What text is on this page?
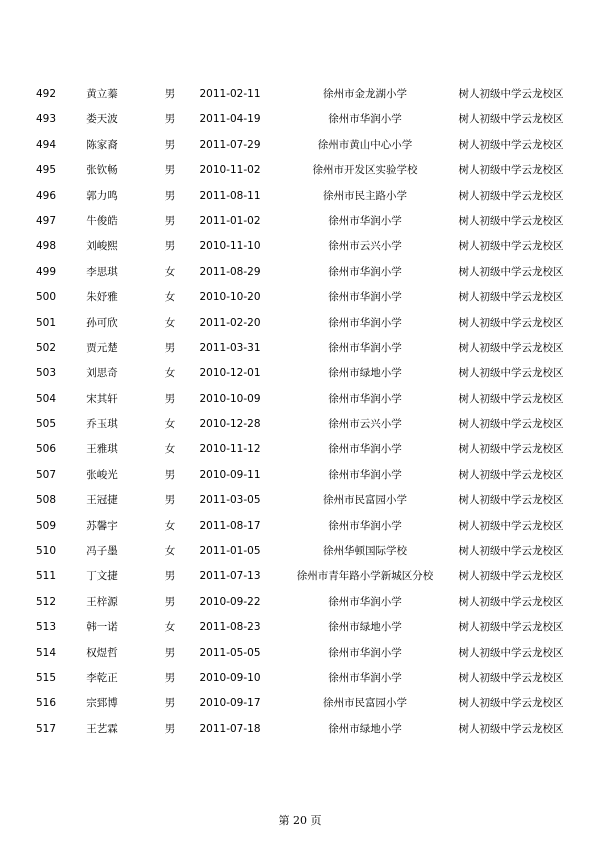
492	黄立蓁	男	2011-02-11	徐州市金龙湖小学	树人初级中学云龙校区
493	娄天波	男	2011-04-19	徐州市华润小学	树人初级中学云龙校区
494	陈家裔	男	2011-07-29	徐州市黄山中心小学	树人初级中学云龙校区
495	张钦畅	男	2010-11-02	徐州市开发区实验学校	树人初级中学云龙校区
496	郭力鸣	男	2011-08-11	徐州市民主路小学	树人初级中学云龙校区
497	牛俊皓	男	2011-01-02	徐州市华润小学	树人初级中学云龙校区
498	刘峻熙	男	2010-11-10	徐州市云兴小学	树人初级中学云龙校区
499	李思琪	女	2011-08-29	徐州市华润小学	树人初级中学云龙校区
500	朱妤雅	女	2010-10-20	徐州市华润小学	树人初级中学云龙校区
501	孙可欣	女	2011-02-20	徐州市华润小学	树人初级中学云龙校区
502	贾元楚	男	2011-03-31	徐州市华润小学	树人初级中学云龙校区
503	刘思奇	女	2010-12-01	徐州市绿地小学	树人初级中学云龙校区
504	宋其轩	男	2010-10-09	徐州市华润小学	树人初级中学云龙校区
505	乔玉琪	女	2010-12-28	徐州市云兴小学	树人初级中学云龙校区
506	王雅琪	女	2010-11-12	徐州市华润小学	树人初级中学云龙校区
507	张峻光	男	2010-09-11	徐州市华润小学	树人初级中学云龙校区
508	王冠捷	男	2011-03-05	徐州市民富园小学	树人初级中学云龙校区
509	苏馨宇	女	2011-08-17	徐州市华润小学	树人初级中学云龙校区
510	冯子墨	女	2011-01-05	徐州华顿国际学校	树人初级中学云龙校区
511	丁文捷	男	2011-07-13	徐州市青年路小学新城区分校	树人初级中学云龙校区
512	王梓源	男	2010-09-22	徐州市华润小学	树人初级中学云龙校区
513	韩一诺	女	2011-08-23	徐州市绿地小学	树人初级中学云龙校区
514	权煜哲	男	2011-05-05	徐州市华润小学	树人初级中学云龙校区
515	李乾正	男	2010-09-10	徐州市华润小学	树人初级中学云龙校区
516	宗郅博	男	2010-09-17	徐州市民富园小学	树人初级中学云龙校区
517	王艺霖	男	2011-07-18	徐州市绿地小学	树人初级中学云龙校区
第 20 页
